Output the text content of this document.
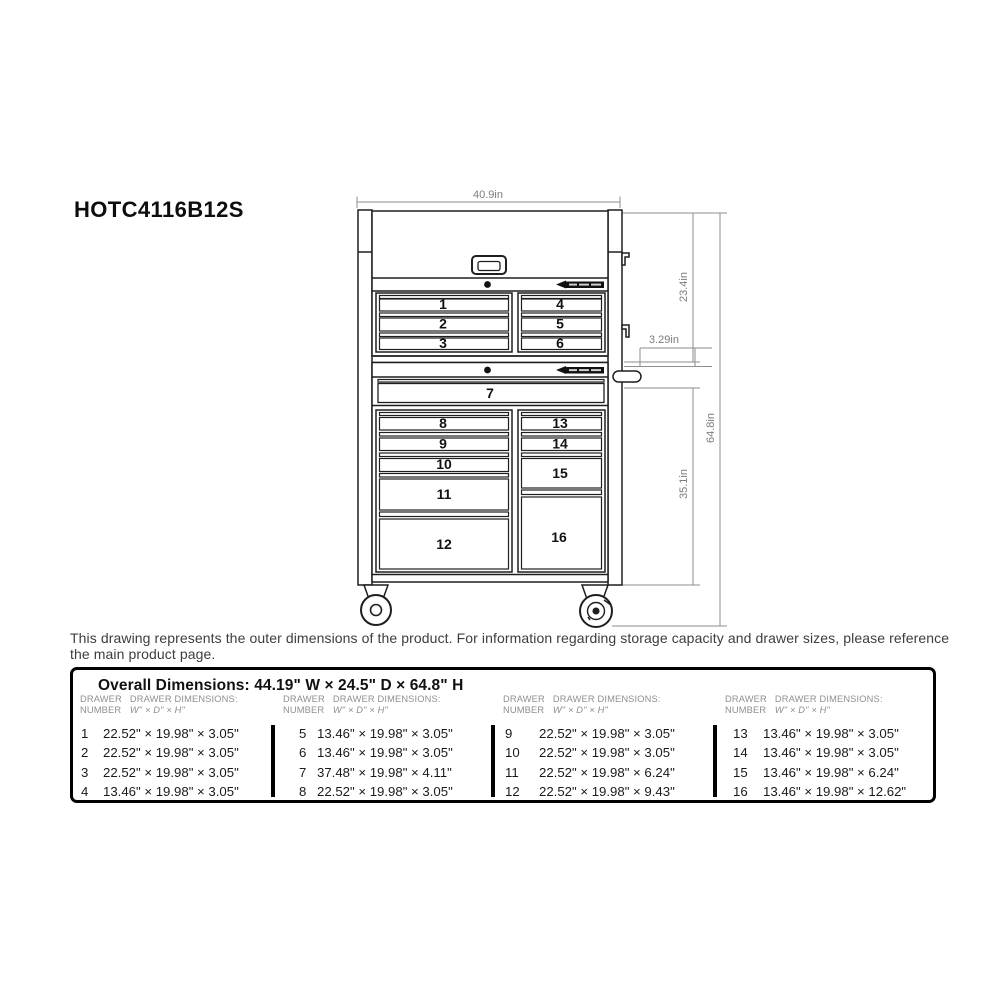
HOTC4116B12S
40.9in
23.4in
3.29in
35.1in
64.8in
1
2
3
4
5
6
7
8
9
10
11
12
13
14
15
16
This drawing represents the outer dimensions of the product. For information regarding storage capacity and drawer sizes, please reference the main product page.
Overall Dimensions: 44.19" W × 24.5" D × 64.8" H
DRAWER
NUMBER
DRAWER DIMENSIONS:
W" × D" × H"
1	22.52" × 19.98" × 3.05"
2	22.52" × 19.98" × 3.05"
3	22.52" × 19.98" × 3.05"
4	13.46" × 19.98" × 3.05"
DRAWER
NUMBER
DRAWER DIMENSIONS:
W" × D" × H"
5 13.46" × 19.98" × 3.05"
6 13.46" × 19.98" × 3.05"
7 37.48" × 19.98" × 4.11"
8 22.52" × 19.98" × 3.05"
DRAWER
NUMBER
DRAWER DIMENSIONS:
W" × D" × H"
9	22.52" × 19.98" × 3.05"
10	22.52" × 19.98" × 3.05"
11	22.52" × 19.98" × 6.24"
12	22.52" × 19.98" × 9.43"
DRAWER
NUMBER
DRAWER DIMENSIONS:
W" × D" × H"
13	13.46" × 19.98" × 3.05"
14	13.46" × 19.98" × 3.05"
15	13.46" × 19.98" × 6.24"
16	13.46" × 19.98" × 12.62"
